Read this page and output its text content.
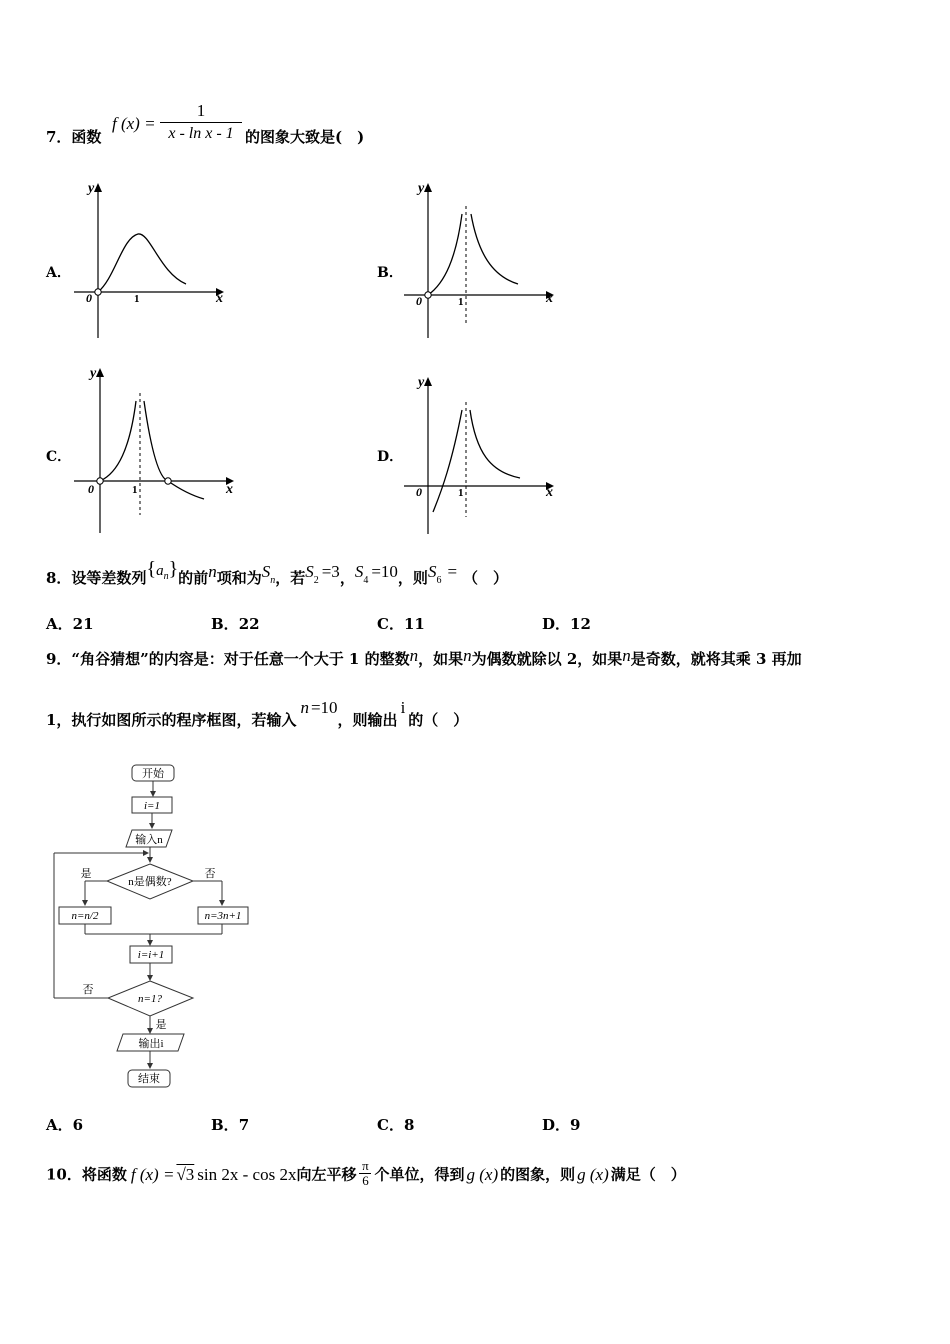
7．函数
f (x) =
1
x - ln x - 1 的图象大致是(　)
A．
y
x
0	1
B．
y
x
0	1
C．
y
x
0	1
D．
y
x
0	1
8．设等差数列$\{a_n\}$的前n项和为$S_n$，若$S_2 =3$，$S_4 =10$，则$S_6$ = （　）
A．21	B．22	C．11	D．12
9．“角谷猜想”的内容是：对于任意一个大于 1 的整数n，如果n为偶数就除以 2，如果n是奇数，就将其乘 3 再加
1，执行如图所示的程序框图，若输入n =10，则输出i的（　）
开始
i=1
输入n
n是偶数?
是	否
n=n/2	n=3n+1
i=i+1
n=1?
否
是
输出i
结束
A．6	B．7	C．8	D．9
10．将函数 f (x) = √3 sin 2x - cos 2x向左平移 $\frac{\pi}{6}$ 个单位，得到 g (x) 的图象，则 g (x) 满足（　）
